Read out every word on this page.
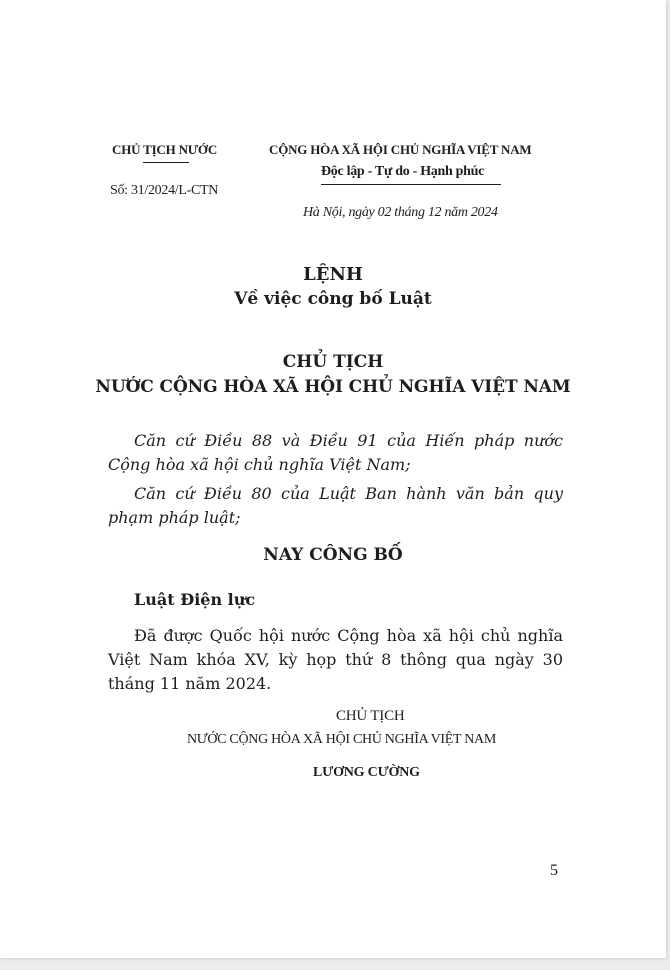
CHỦ TỊCH NƯỚC
Số: 31/2024/L-CTN
CỘNG HÒA XÃ HỘI CHỦ NGHĨA VIỆT NAM
Độc lập - Tự do - Hạnh phúc
Hà Nội, ngày 02 tháng 12 năm 2024
LỆNH
Về việc công bố Luật
CHỦ TỊCH
NƯỚC CỘNG HÒA XÃ HỘI CHỦ NGHĨA VIỆT NAM
Căn cứ Điều 88 và Điều 91 của Hiến pháp nước Cộng hòa xã hội chủ nghĩa Việt Nam;
Căn cứ Điều 80 của Luật Ban hành văn bản quy phạm pháp luật;
NAY CÔNG BỐ
Luật Điện lực
Đã được Quốc hội nước Cộng hòa xã hội chủ nghĩa Việt Nam khóa XV, kỳ họp thứ 8 thông qua ngày 30 tháng 11 năm 2024.
CHỦ TỊCH
NƯỚC CỘNG HÒA XÃ HỘI CHỦ NGHĨA VIỆT NAM
LƯƠNG CƯỜNG
5
